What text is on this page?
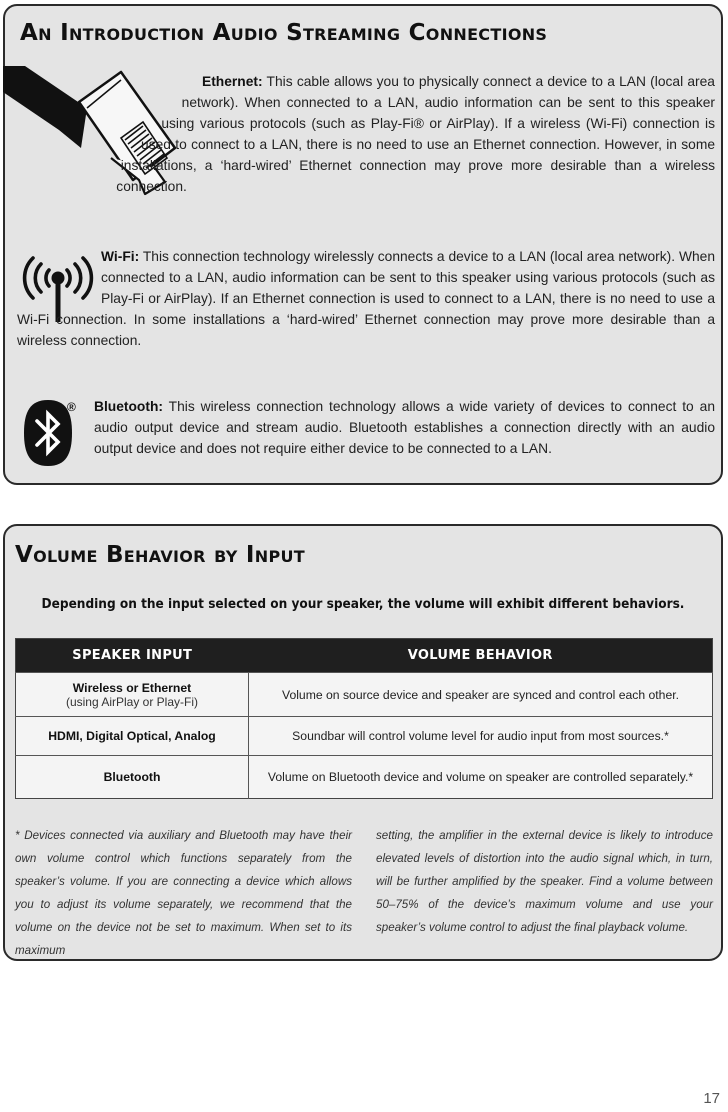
An Introduction Audio Streaming Connections

Ethernet: This cable allows you to physically connect a device to a LAN (local area network). When connected to a LAN, audio information can be sent to this speaker using various protocols (such as Play-Fi® or AirPlay). If a wireless (Wi-Fi) connection is used to connect to a LAN, there is no need to use an Ethernet connection. However, in some installations, a ‘hard-wired’ Ethernet connection may prove more desirable than a wireless connection.

Wi-Fi: This connection technology wirelessly connects a device to a LAN (local area network). When connected to a LAN, audio information can be sent to this speaker using various protocols (such as Play-Fi or AirPlay). If an Ethernet connection is used to connect to a LAN, there is no need to use a Wi-Fi connection. In some installations a ‘hard-wired’ Ethernet connection may prove more desirable than a wireless connection.

®	Bluetooth: This wireless connection technology allows a wide variety of devices to connect to an audio output device and stream audio. Bluetooth establishes a connection directly with an audio output device and does not require either device to be connected to a LAN.

Volume Behavior by Input

Depending on the input selected on your speaker, the volume will exhibit different behaviors.

SPEAKER INPUT	VOLUME BEHAVIOR
Wireless or Ethernet
(using AirPlay or Play-Fi)	Volume on source device and speaker are synced and control each other.
HDMI, Digital Optical, Analog	Soundbar will control volume level for audio input from most sources.*
Bluetooth	Volume on Bluetooth device and volume on speaker are controlled separately.*

* Devices connected via auxiliary and Bluetooth may have their own volume control which functions separately from the speaker’s volume. If you are connecting a device which allows you to adjust its volume separately, we recommend that the volume on the device not be set to maximum. When set to its maximum

setting, the amplifier in the external device is likely to introduce elevated levels of distortion into the audio signal which, in turn, will be further amplified by the speaker. Find a volume between 50–75% of the device’s maximum volume and use your speaker’s volume control to adjust the final playback volume.

17
